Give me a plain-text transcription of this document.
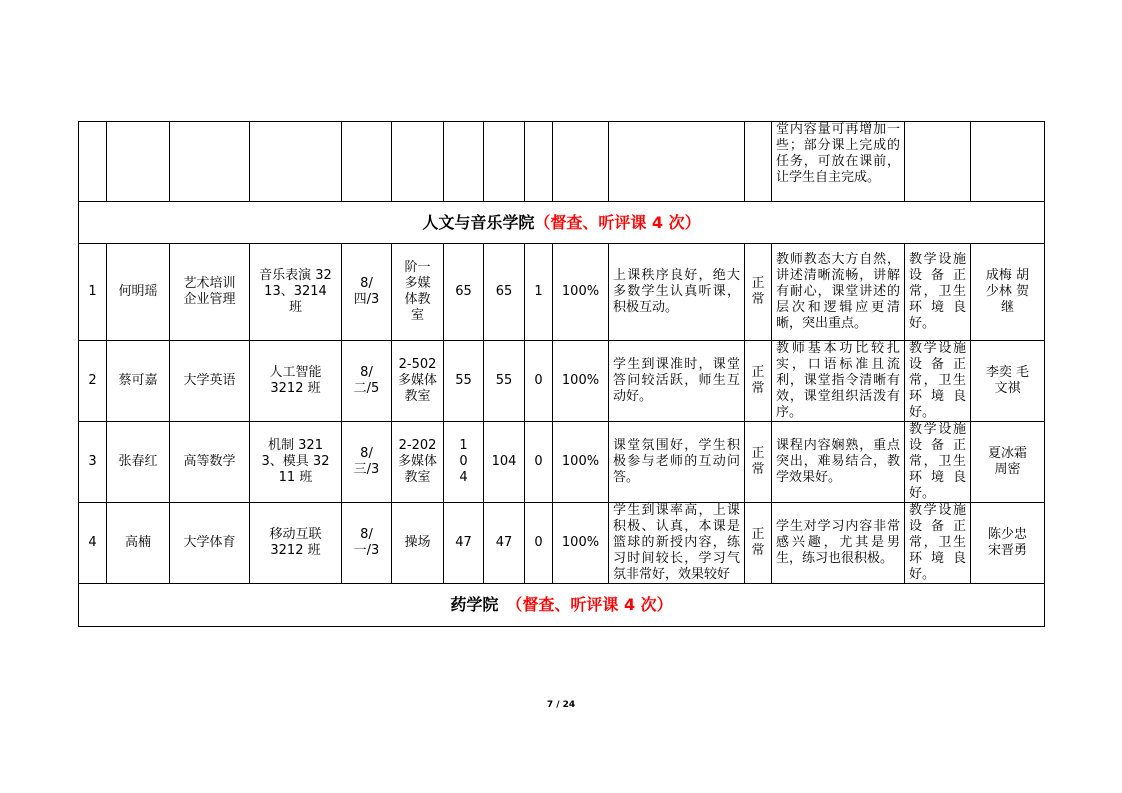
												堂内容量可再增加一些；部分课上完成的任务，可放在课前，让学生自主完成。		
人文与音乐学院（督查、听评课 4 次）														
1	何明瑶	艺术培训企业管理	音乐表演 3213、3214 班	8/四/3	阶一多媒体教室	65	65	1	100%	上课秩序良好，绝大多数学生认真听课，积极互动。	正常	教师教态大方自然，讲述清晰流畅，讲解有耐心，课堂讲述的层次和逻辑应更清晰，突出重点。	教学设施设备正常，卫生环境良好。	成梅 胡少林 贺继

2	蔡可嘉	大学英语	人工智能 3212 班	8/二/5	2-502多媒体教室	55	55	0	100%	学生到课准时，课堂答问较活跃，师生互动好。	正常	教师基本功比较扎实，口语标准且流利，课堂指令清晰有效，课堂组织活泼有序。	教学设施设备正常，卫生环境良好。	李奕 毛文祺

3	张春红	高等数学	机制 3213、模具 3211 班	8/三/3	2-202多媒体教室	104	104	0	100%	课堂氛围好，学生积极参与老师的互动问答。	正常	课程内容娴熟，重点突出，难易结合，教学效果好。	教学设施设备正常，卫生环境良好。	夏冰霜 周密

4	高楠	大学体育	移动互联 3212 班	8/一/3	操场	47	47	0	100%	学生到课率高，上课积极、认真，本课是篮球的新授内容，练习时间较长，学习气氛非常好，效果较好	正常	学生对学习内容非常感兴趣，尤其是男生，练习也很积极。	教学设施设备正常，卫生环境良好。	陈少忠 宋晋勇

药学院　 （督查、听评课 4 次）														
7 / 24
